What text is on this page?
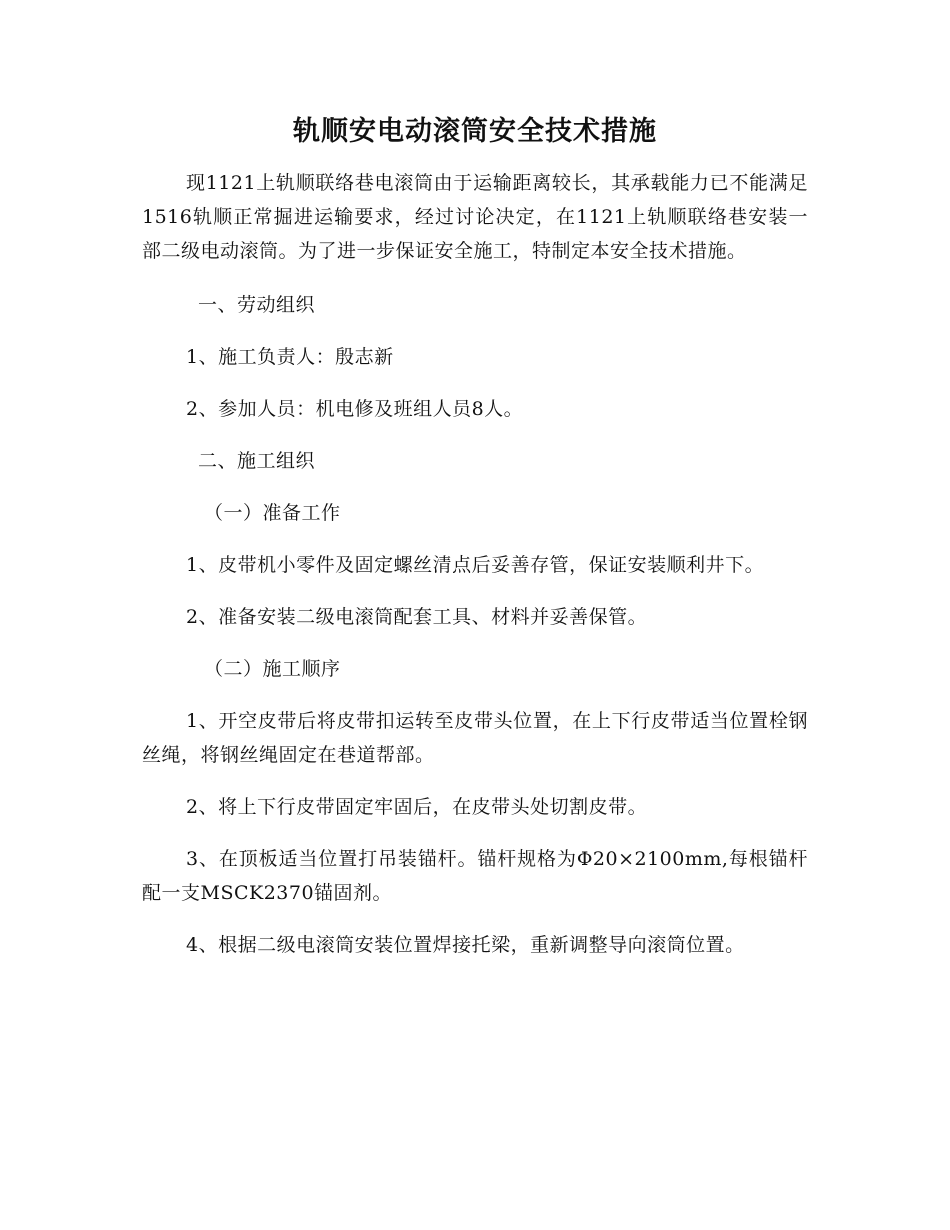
轨顺安电动滚筒安全技术措施

现1121上轨顺联络巷电滚筒由于运输距离较长，其承载能力已不能满足1516轨顺正常掘进运输要求，经过讨论决定，在1121上轨顺联络巷安装一部二级电动滚筒。为了进一步保证安全施工，特制定本安全技术措施。

一、劳动组织

1、施工负责人：殷志新

2、参加人员：机电修及班组人员8人。

二、施工组织

（一）准备工作

1、皮带机小零件及固定螺丝清点后妥善存管，保证安装顺利井下。

2、准备安装二级电滚筒配套工具、材料并妥善保管。

（二）施工顺序

1、开空皮带后将皮带扣运转至皮带头位置，在上下行皮带适当位置栓钢丝绳，将钢丝绳固定在巷道帮部。

2、将上下行皮带固定牢固后，在皮带头处切割皮带。

3、在顶板适当位置打吊装锚杆。锚杆规格为Φ20×2100mm,每根锚杆配一支MSCK2370锚固剂。

4、根据二级电滚筒安装位置焊接托梁，重新调整导向滚筒位置。
